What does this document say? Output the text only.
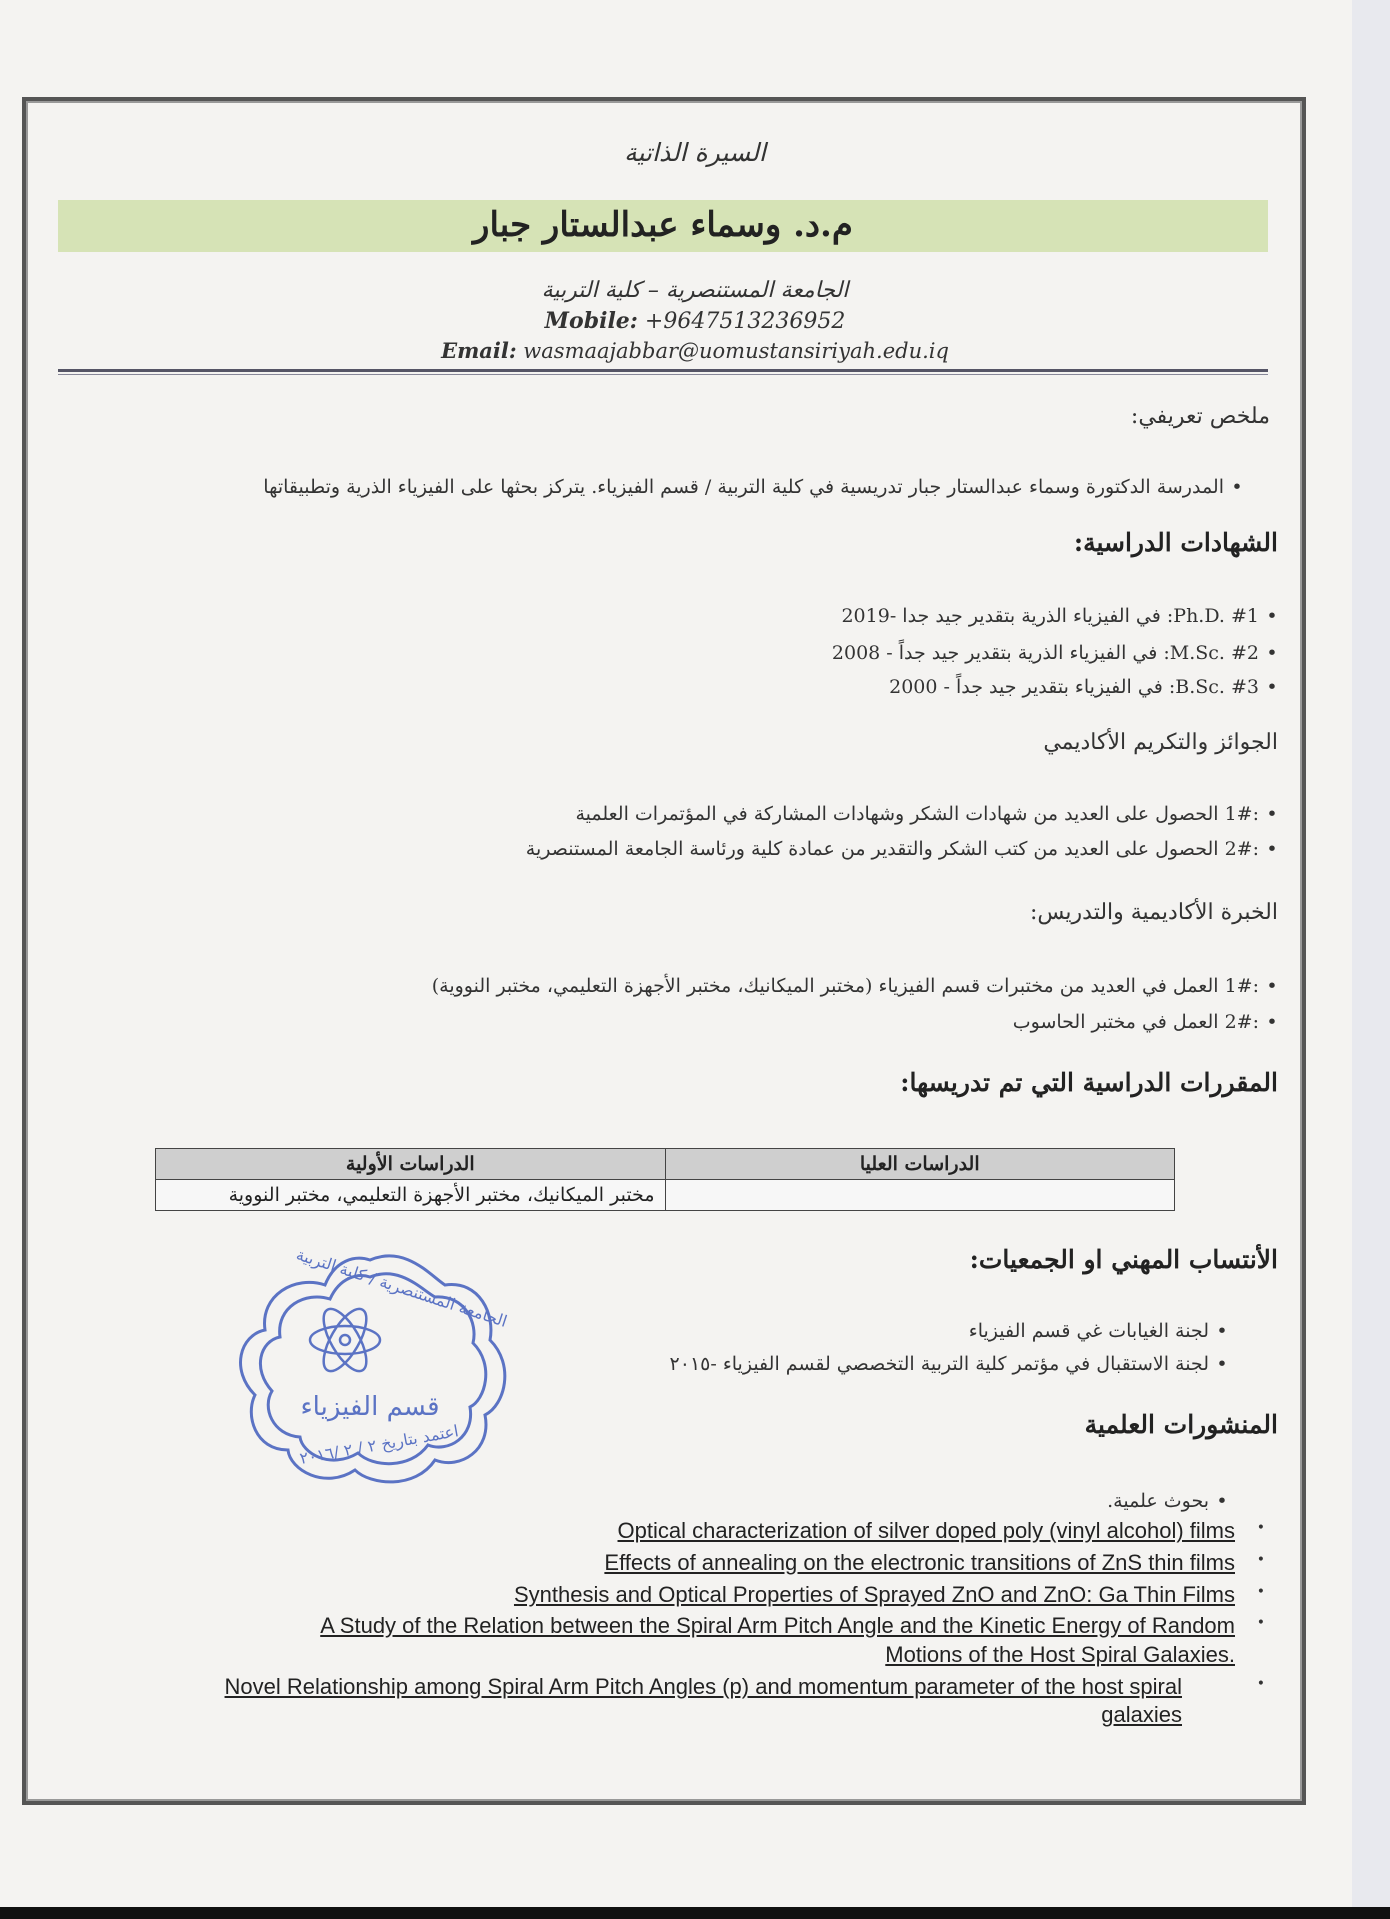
السيرة الذاتية
م.د. وسماء عبدالستار جبار
الجامعة المستنصرية – كلية التربية
Mobile: +9647513236952
Email: wasmaajabbar@uomustansiriyah.edu.iq
ملخص تعريفي:
•المدرسة الدكتورة وسماء عبدالستار جبار تدريسية في كلية التربية / قسم الفيزياء. يتركز بحثها على الفيزياء الذرية وتطبيقاتها
الشهادات الدراسية:
•Ph.D. #1: في الفيزياء الذرية بتقدير جيد جدا -2019
•M.Sc. #2: في الفيزياء الذرية بتقدير جيد جداً - 2008
•B.Sc. #3: في الفيزياء بتقدير جيد جداً - 2000
الجوائز والتكريم الأكاديمي
•:1# الحصول على العديد من شهادات الشكر وشهادات المشاركة في المؤتمرات العلمية
•:2# الحصول على العديد من كتب الشكر والتقدير من عمادة كلية ورئاسة الجامعة المستنصرية
الخبرة الأكاديمية والتدريس:
•:1# العمل في العديد من مختبرات قسم الفيزياء (مختبر الميكانيك، مختبر الأجهزة التعليمي، مختبر النووية)
•:2# العمل في مختبر الحاسوب
المقررات الدراسية التي تم تدريسها:
الدراسات العليا	الدراسات الأولية
	مختبر الميكانيك، مختبر الأجهزة التعليمي، مختبر النووية
الأنتساب المهني او الجمعيات:
•لجنة الغيابات غي قسم الفيزياء
•لجنة الاستقبال في مؤتمر كلية التربية التخصصي لقسم الفيزياء -٢٠١٥
قسم الفيزياء
الجامعة المستنصرية / كلية التربية
اعتمد بتاريخ ٢ / ٢ /٢٠١٦	المنشورات العلمية
•بحوث علمية.
Optical characterization of silver doped poly (vinyl alcohol) films •
Effects of annealing on the electronic transitions of ZnS thin films •
Synthesis and Optical Properties of Sprayed ZnO and ZnO: Ga Thin Films •
A Study of the Relation between the Spiral Arm Pitch Angle and the Kinetic Energy of Random •
Motions of the Host Spiral Galaxies.
Novel Relationship among Spiral Arm Pitch Angles (p) and momentum parameter of the host spiral	•
galaxies
